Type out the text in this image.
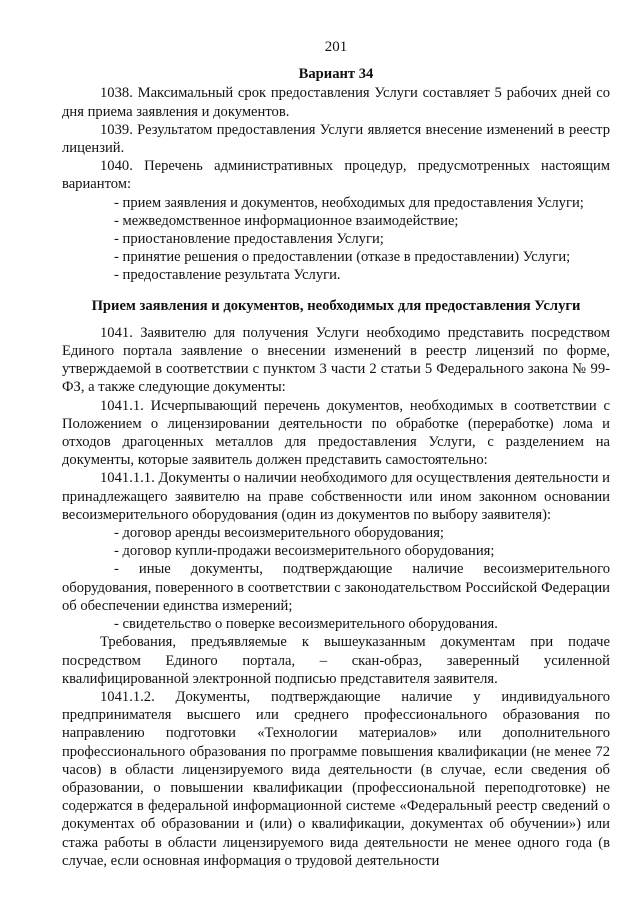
201
Вариант 34

1038. Максимальный срок предоставления Услуги составляет 5 рабочих дней со дня приема заявления и документов.

1039. Результатом предоставления Услуги является внесение изменений в реестр лицензий.

1040. Перечень административных процедур, предусмотренных настоящим вариантом:

- прием заявления и документов, необходимых для предоставления Услуги;

- межведомственное информационное взаимодействие;

- приостановление предоставления Услуги;

- принятие решения о предоставлении (отказе в предоставлении) Услуги;

- предоставление результата Услуги.

Прием заявления и документов, необходимых для предоставления Услуги

1041. Заявителю для получения Услуги необходимо представить посредством Единого портала заявление о внесении изменений в реестр лицензий по форме, утверждаемой в соответствии с пунктом 3 части 2 статьи 5 Федерального закона № 99-ФЗ, а также следующие документы:

1041.1. Исчерпывающий перечень документов, необходимых в соответствии с Положением о лицензировании деятельности по обработке (переработке) лома и отходов драгоценных металлов для предоставления Услуги, с разделением на документы, которые заявитель должен представить самостоятельно:

1041.1.1. Документы о наличии необходимого для осуществления деятельности и принадлежащего заявителю на праве собственности или ином законном основании весоизмерительного оборудования (один из документов по выбору заявителя):

- договор аренды весоизмерительного оборудования;

- договор купли-продажи весоизмерительного оборудования;

- иные документы, подтверждающие наличие весоизмерительного оборудования, поверенного в соответствии с законодательством Российской Федерации об обеспечении единства измерений;

- свидетельство о поверке весоизмерительного оборудования.

Требования, предъявляемые к вышеуказанным документам при подаче посредством Единого портала, – скан-образ, заверенный усиленной квалифицированной электронной подписью представителя заявителя.

1041.1.2. Документы, подтверждающие наличие у индивидуального предпринимателя высшего или среднего профессионального образования по направлению подготовки «Технологии материалов» или дополнительного профессионального образования по программе повышения квалификации (не менее 72 часов) в области лицензируемого вида деятельности (в случае, если сведения об образовании, о повышении квалификации (профессиональной переподготовке) не содержатся в федеральной информационной системе «Федеральный реестр сведений о документах об образовании и (или) о квалификации, документах об обучении») или стажа работы в области лицензируемого вида деятельности не менее одного года (в случае, если основная информация о трудовой деятельности
